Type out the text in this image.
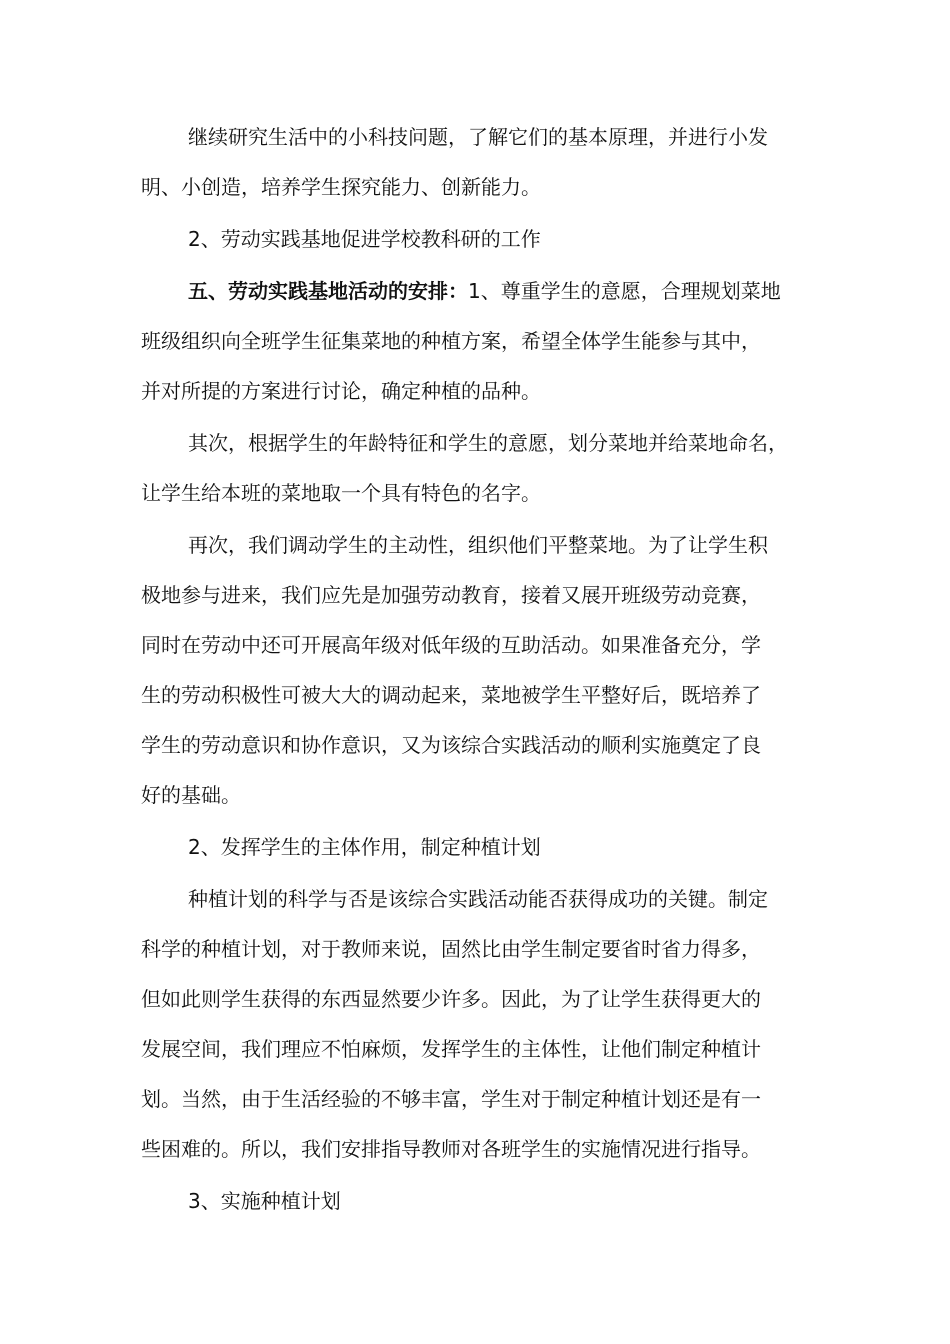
继续研究生活中的小科技问题，了解它们的基本原理，并进行小发
明、小创造，培养学生探究能力、创新能力。
2、劳动实践基地促进学校教科研的工作
五、劳动实践基地活动的安排：1、尊重学生的意愿，合理规划菜地
班级组织向全班学生征集菜地的种植方案，希望全体学生能参与其中，
并对所提的方案进行讨论，确定种植的品种。
其次，根据学生的年龄特征和学生的意愿，划分菜地并给菜地命名，
让学生给本班的菜地取一个具有特色的名字。
再次，我们调动学生的主动性，组织他们平整菜地。为了让学生积
极地参与进来，我们应先是加强劳动教育，接着又展开班级劳动竞赛，
同时在劳动中还可开展高年级对低年级的互助活动。如果准备充分，学
生的劳动积极性可被大大的调动起来，菜地被学生平整好后，既培养了
学生的劳动意识和协作意识，又为该综合实践活动的顺利实施奠定了良
好的基础。
2、发挥学生的主体作用，制定种植计划
种植计划的科学与否是该综合实践活动能否获得成功的关键。制定
科学的种植计划，对于教师来说，固然比由学生制定要省时省力得多，
但如此则学生获得的东西显然要少许多。因此，为了让学生获得更大的
发展空间，我们理应不怕麻烦，发挥学生的主体性，让他们制定种植计
划。当然，由于生活经验的不够丰富，学生对于制定种植计划还是有一
些困难的。所以，我们安排指导教师对各班学生的实施情况进行指导。
3、实施种植计划
